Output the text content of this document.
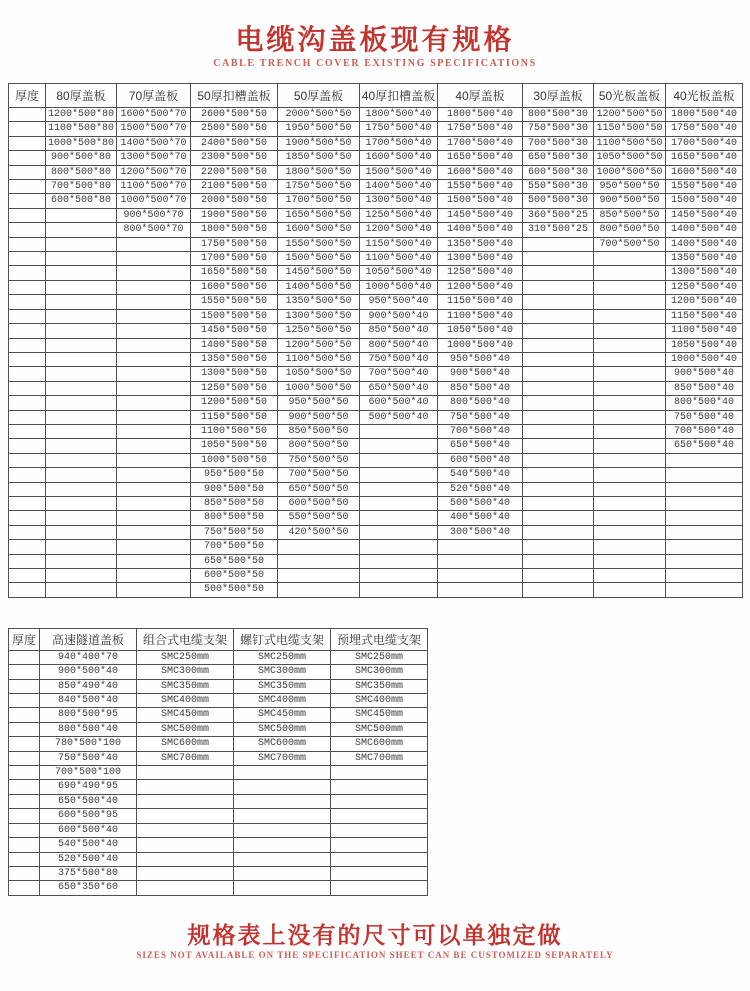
电缆沟盖板现有规格
CABLE TRENCH COVER EXISTING SPECIFICATIONS
厚度	80厚盖板	70厚盖板	50厚扣槽盖板	50厚盖板	40厚扣槽盖板	40厚盖板	30厚盖板	50光板盖板	40光板盖板
	1200*500*80	1600*500*70	2600*500*50	2000*500*50	1800*500*40	1800*500*40	800*500*30	1200*500*50	1800*500*40
	1100*500*80	1500*500*70	2500*500*50	1950*500*50	1750*500*40	1750*500*40	750*500*30	1150*500*50	1750*500*40
	1000*500*80	1400*500*70	2400*500*50	1900*500*50	1700*500*40	1700*500*40	700*500*30	1100*500*50	1700*500*40
	900*500*80	1300*500*70	2300*500*50	1850*500*50	1600*500*40	1650*500*40	650*500*30	1050*500*50	1650*500*40
	800*500*80	1200*500*70	2200*500*50	1800*500*50	1500*500*40	1600*500*40	600*500*30	1000*500*50	1600*500*40
	700*500*80	1100*500*70	2100*500*50	1750*500*50	1400*500*40	1550*500*40	550*500*30	950*500*50	1550*500*40
	600*500*80	1000*500*70	2000*500*50	1700*500*50	1300*500*40	1500*500*40	500*500*30	900*500*50	1500*500*40
		900*500*70	1900*500*50	1650*500*50	1250*500*40	1450*500*40	360*500*25	850*500*50	1450*500*40
		800*500*70	1800*500*50	1600*500*50	1200*500*40	1400*500*40	310*500*25	800*500*50	1400*500*40
			1750*500*50	1550*500*50	1150*500*40	1350*500*40		700*500*50	1400*500*40
			1700*500*50	1500*500*50	1100*500*40	1300*500*40			1350*500*40
			1650*500*50	1450*500*50	1050*500*40	1250*500*40			1300*500*40
			1600*500*50	1400*500*50	1000*500*40	1200*500*40			1250*500*40
			1550*500*50	1350*500*50	950*500*40	1150*500*40			1200*500*40
			1500*500*50	1300*500*50	900*500*40	1100*500*40			1150*500*40
			1450*500*50	1250*500*50	850*500*40	1050*500*40			1100*500*40
			1400*500*50	1200*500*50	800*500*40	1000*500*40			1050*500*40
			1350*500*50	1100*500*50	750*500*40	950*500*40			1000*500*40
			1300*500*50	1050*500*50	700*500*40	900*500*40			900*500*40
			1250*500*50	1000*500*50	650*500*40	850*500*40			850*500*40
			1200*500*50	950*500*50	600*500*40	800*500*40			800*500*40
			1150*500*50	900*500*50	500*500*40	750*500*40			750*500*40
			1100*500*50	850*500*50		700*500*40			700*500*40
			1050*500*50	800*500*50		650*500*40			650*500*40
			1000*500*50	750*500*50		600*500*40			
			950*500*50	700*500*50		540*500*40			
			900*500*50	650*500*50		520*500*40			
			850*500*50	600*500*50		500*500*40			
			800*500*50	550*500*50		400*500*40			
			750*500*50	420*500*50		300*500*40			
			700*500*50						
			650*500*50						
			600*500*50						
			500*500*50						
厚度	高速隧道盖板	组合式电缆支架	螺钉式电缆支架	预埋式电缆支架
	940*400*70	SMC250mm	SMC250mm	SMC250mm
	900*500*40	SMC300mm	SMC300mm	SMC300mm
	850*490*40	SMC350mm	SMC350mm	SMC350mm
	840*500*40	SMC400mm	SMC400mm	SMC400mm
	800*500*95	SMC450mm	SMC450mm	SMC450mm
	800*500*40	SMC500mm	SMC500mm	SMC500mm
	780*500*100	SMC600mm	SMC600mm	SMC600mm
	750*500*40	SMC700mm	SMC700mm	SMC700mm
	700*500*100			
	690*490*95			
	650*500*40			
	600*500*95			
	600*500*40			
	540*500*40			
	520*500*40			
	375*500*80			
	650*350*60			
规格表上没有的尺寸可以单独定做
SIZES NOT AVAILABLE ON THE SPECIFICATION SHEET CAN BE CUSTOMIZED SEPARATELY
